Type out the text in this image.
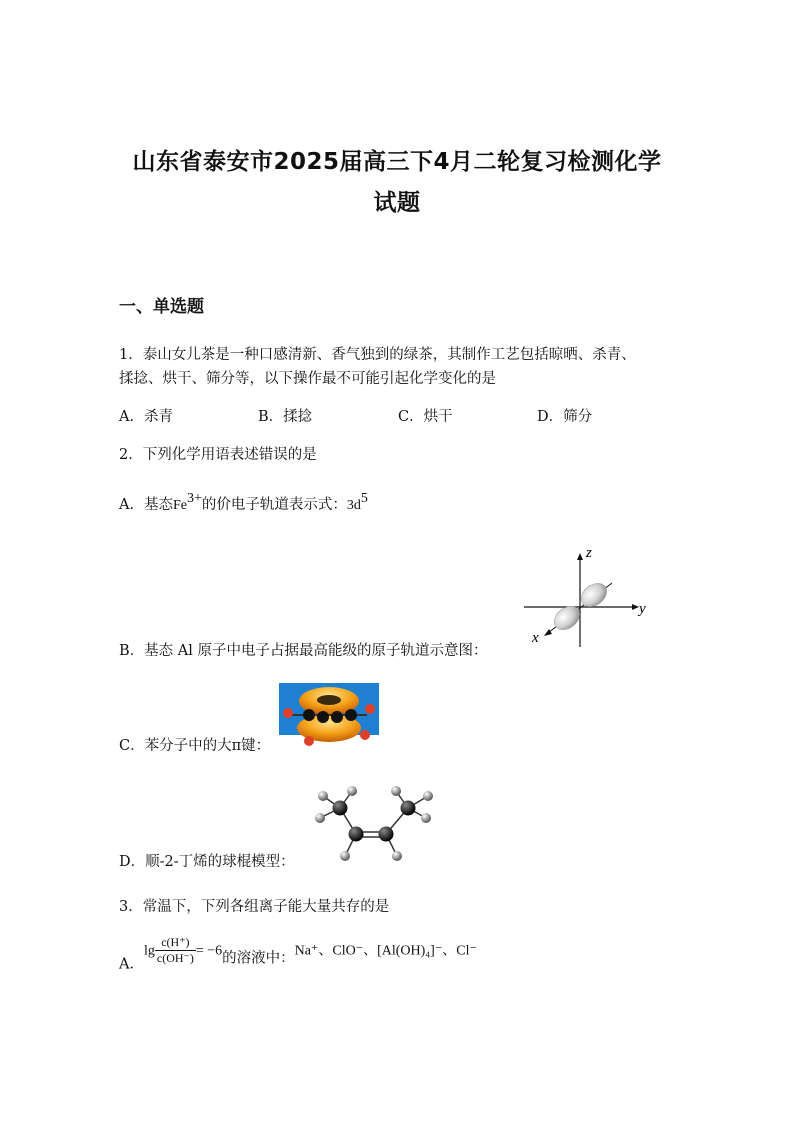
山东省泰安市2025届高三下4月二轮复习检测化学
试题
一、单选题
1．泰山女儿茶是一种口感清新、香气独到的绿茶，其制作工艺包括晾晒、杀青、
揉捻、烘干、筛分等，以下操作最不可能引起化学变化的是
A．杀青	B．揉捻	C．烘干	D．筛分
2．下列化学用语表述错误的是
A．基态Fe3+的价电子轨道表示式：3d5
z
y
x
B．基态 Al 原子中电子占据最高能级的原子轨道示意图：
C．苯分子中的大π键：
D．顺-2-丁烯的球棍模型：
3．常温下，下列各组离子能大量共存的是
A．$\lg \frac{c(H^+)}{c(OH^-)} = -6$的溶液中：Na⁺、ClO⁻、[Al(OH)₄]⁻、Cl⁻
